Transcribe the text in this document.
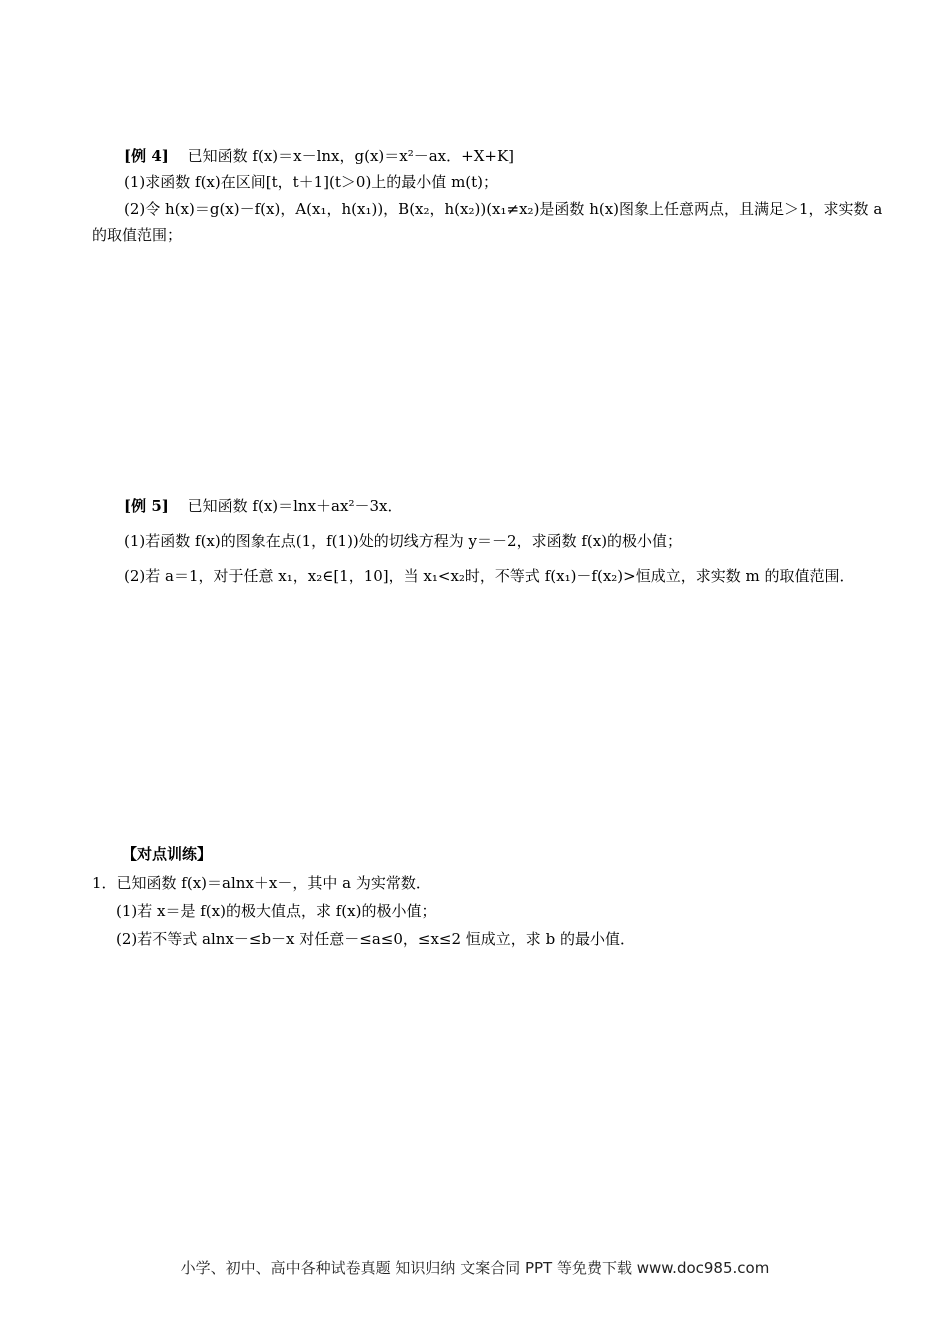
[例 4] 已知函数 f(x)＝x－lnx，g(x)＝x²－ax．+X+K]
(1)求函数 f(x)在区间[t，t＋1](t＞0)上的最小值 m(t)；
(2)令 h(x)＝g(x)－f(x)，A(x₁，h(x₁))，B(x₂，h(x₂))(x₁≠x₂)是函数 h(x)图象上任意两点，且满足＞1，求实数 a
的取值范围；
[例 5] 已知函数 f(x)＝lnx＋ax²－3x．
(1)若函数 f(x)的图象在点(1，f(1))处的切线方程为 y＝－2，求函数 f(x)的极小值；
(2)若 a＝1，对于任意 x₁，x₂∈[1，10]，当 x₁<x₂时，不等式 f(x₁)－f(x₂)>恒成立，求实数 m 的取值范围．
【对点训练】
1．已知函数 f(x)＝alnx＋x－，其中 a 为实常数．
(1)若 x＝是 f(x)的极大值点，求 f(x)的极小值；
(2)若不等式 alnx－≤b－x 对任意－≤a≤0，≤x≤2 恒成立，求 b 的最小值．
小学、初中、高中各种试卷真题 知识归纳 文案合同 PPT 等免费下载 www.doc985.com
